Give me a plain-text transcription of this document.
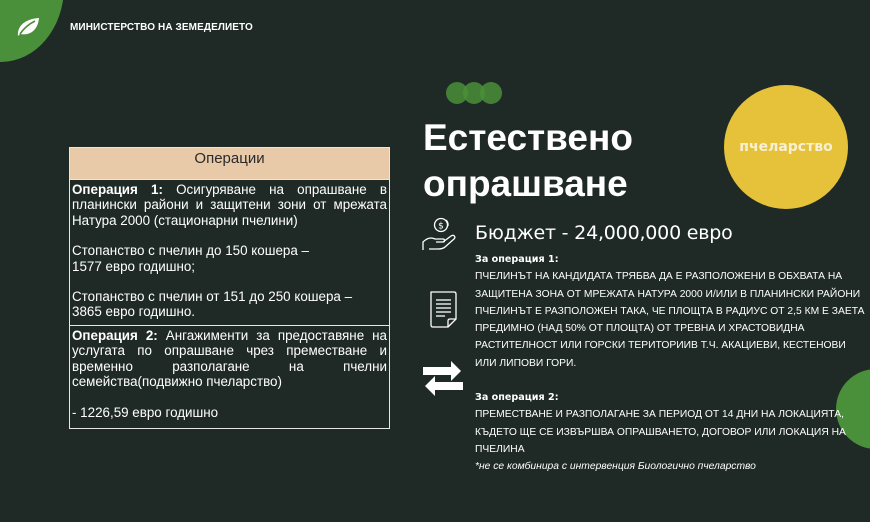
МИНИСТЕРСТВО НА ЗЕМЕДЕЛИЕТО
Естествено
опрашване
пчеларство
Операции

Операция 1: Осигуряване на опрашване в планински райони и защитени зони от мрежата Натура 2000 (стационарни пчелини)

Стопанство с пчелин до 150 кошера – 1577 евро годишно;

Стопанство с пчелин от 151 до 250 кошера – 3865 евро годишно.

Операция 2: Ангажименти за предоставяне на услугата по опрашване чрез преместване и временно разполагане на пчелни семейства(подвижно пчеларство)

- 1226,59 евро годишно

$ Бюджет - 24,000,000 евро

За операция 1:

ПЧЕЛИНЪТ НА КАНДИДАТА ТРЯБВА ДА Е РАЗПОЛОЖЕНИ В ОБХВАТА НА ЗАЩИТЕНА ЗОНА ОТ МРЕЖАТА НАТУРА 2000 И/ИЛИ В ПЛАНИНСКИ РАЙОНИ

ПЧЕЛИНЪТ Е РАЗПОЛОЖЕН ТАКА, ЧЕ ПЛОЩТА В РАДИУС ОТ 2,5 КМ Е ЗАЕТА ПРЕДИМНО (НАД 50% ОТ ПЛОЩТА) ОТ ТРЕВНА И ХРАСТОВИДНА РАСТИТЕЛНОСТ ИЛИ ГОРСКИ ТЕРИТОРИИВ Т.Ч. АКАЦИЕВИ, КЕСТЕНОВИ ИЛИ ЛИПОВИ ГОРИ.

За операция 2:

ПРЕМЕСТВАНЕ И РАЗПОЛАГАНЕ ЗА ПЕРИОД ОТ 14 ДНИ НА ЛОКАЦИЯТА, КЪДЕТО ЩЕ СЕ ИЗВЪРШВА ОПРАШВАНЕТО, ДОГОВОР ИЛИ ЛОКАЦИЯ НА ПЧЕЛИНА

*не се комбинира с интервенция Биологично пчеларство
